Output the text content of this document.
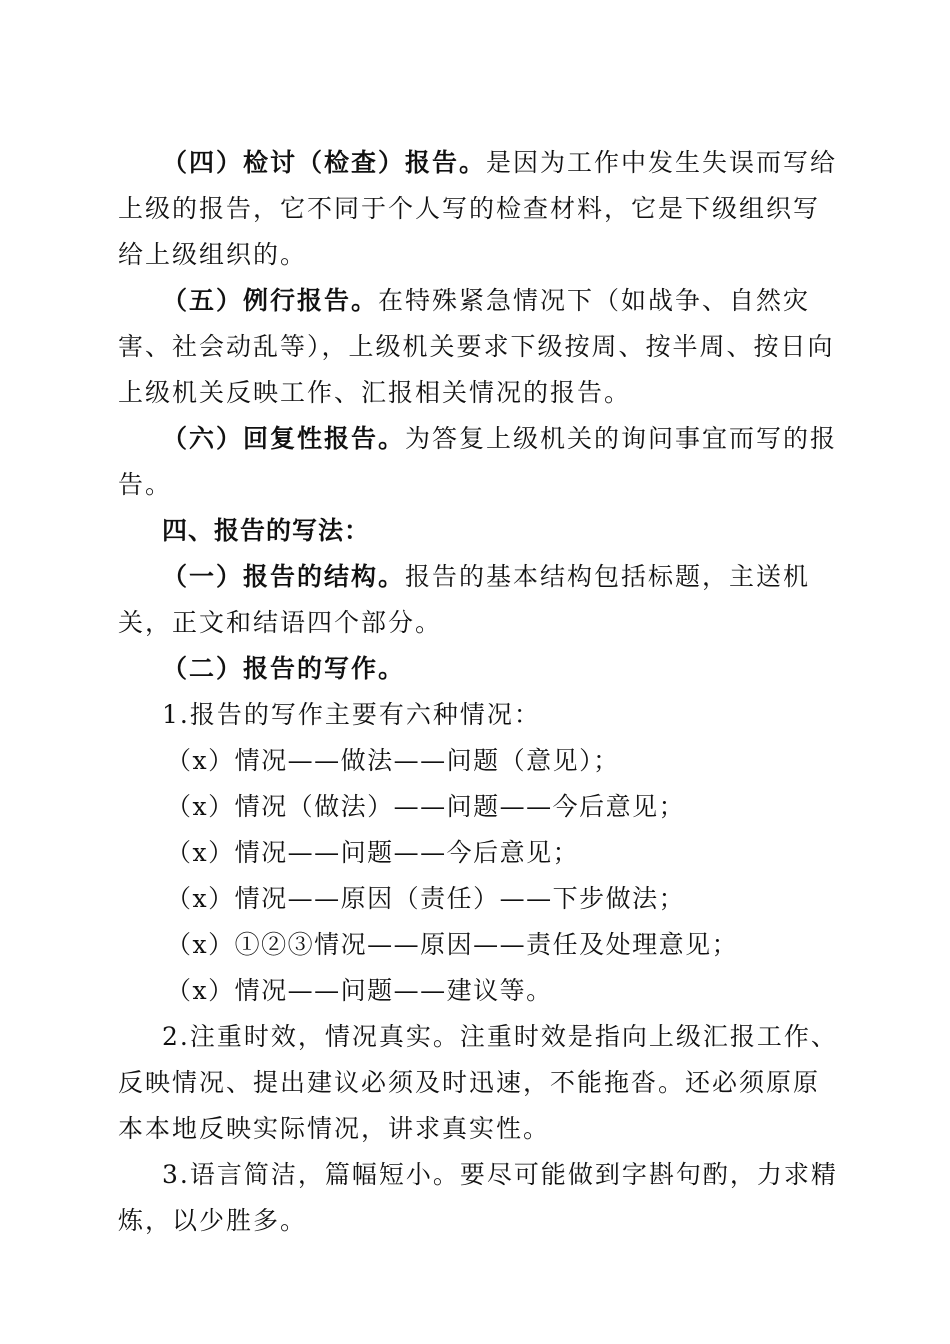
（四）检讨（检查）报告。是因为工作中发生失误而写给上级的报告，它不同于个人写的检查材料，它是下级组织写给上级组织的。

（五）例行报告。在特殊紧急情况下（如战争、自然灾害、社会动乱等），上级机关要求下级按周、按半周、按日向上级机关反映工作、汇报相关情况的报告。

（六）回复性报告。为答复上级机关的询问事宜而写的报告。

四、报告的写法：

（一）报告的结构。报告的基本结构包括标题，主送机关，正文和结语四个部分。

（二）报告的写作。

1.报告的写作主要有六种情况：

（x）情况——做法——问题（意见）；

（x）情况（做法）——问题——今后意见；

（x）情况——问题——今后意见；

（x）情况——原因（责任）——下步做法；

（x）①②③情况——原因——责任及处理意见；

（x）情况——问题——建议等。

2.注重时效，情况真实。注重时效是指向上级汇报工作、反映情况、提出建议必须及时迅速，不能拖沓。还必须原原本本地反映实际情况，讲求真实性。

3.语言简洁，篇幅短小。要尽可能做到字斟句酌，力求精炼，以少胜多。
